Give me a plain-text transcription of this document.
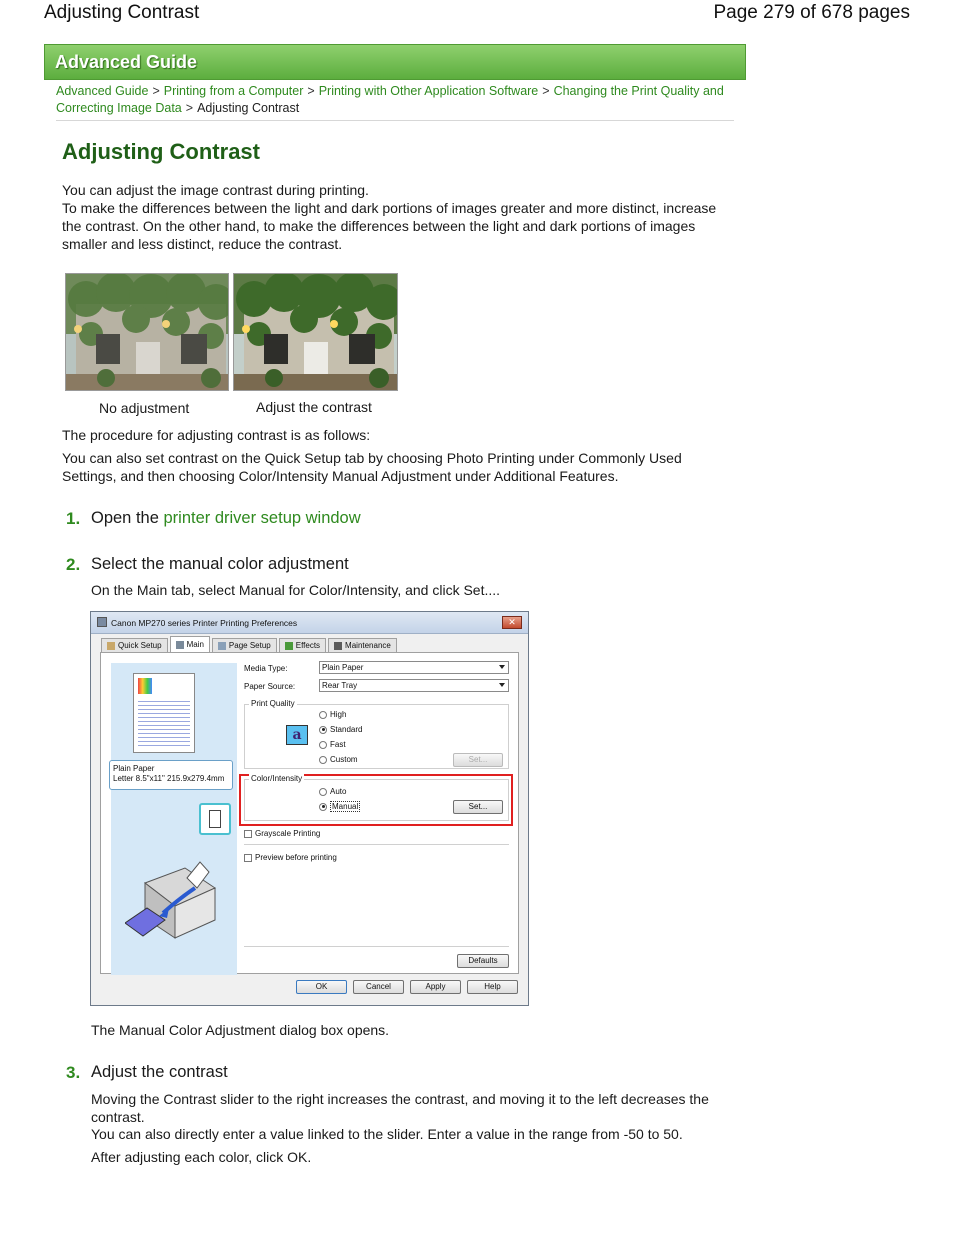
Adjusting Contrast	Page 279 of 678 pages
Advanced Guide
Advanced Guide > Printing from a Computer > Printing with Other Application Software > Changing the Print Quality and Correcting Image Data > Adjusting Contrast
Adjusting Contrast
You can adjust the image contrast during printing.
To make the differences between the light and dark portions of images greater and more distinct, increase the contrast. On the other hand, to make the differences between the light and dark portions of images smaller and less distinct, reduce the contrast.
No adjustment	Adjust the contrast
The procedure for adjusting contrast is as follows:
You can also set contrast on the Quick Setup tab by choosing Photo Printing under Commonly Used Settings, and then choosing Color/Intensity Manual Adjustment under Additional Features.
1. Open the printer driver setup window
2. Select the manual color adjustment
On the Main tab, select Manual for Color/Intensity, and click Set....
Canon MP270 series Printer Printing Preferences	✕
Quick Setup	Main	Page Setup	Effects	Maintenance
Plain Paper
Letter 8.5"x11" 215.9x279.4mm
Media Type:	Plain Paper
Paper Source:	Rear Tray
Print Quality
a
High
Standard
Fast
Custom	Set...
Color/Intensity
Auto
Manual	Set...
Grayscale Printing
Preview before printing
Defaults
OK	Cancel	Apply	Help
The Manual Color Adjustment dialog box opens.
3. Adjust the contrast
Moving the Contrast slider to the right increases the contrast, and moving it to the left decreases the contrast.
You can also directly enter a value linked to the slider. Enter a value in the range from -50 to 50.
After adjusting each color, click OK.
